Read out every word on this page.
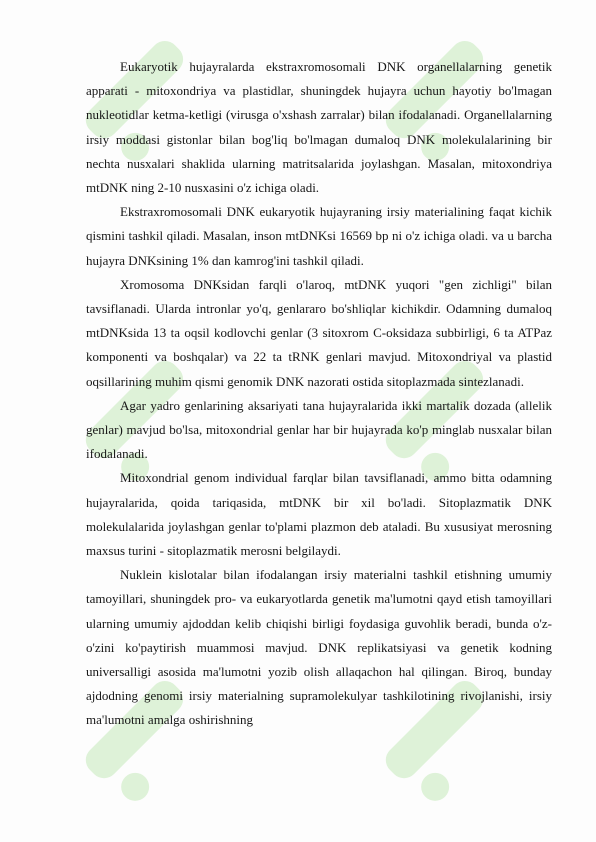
Eukaryotik hujayralarda ekstraxromosomali DNK organellalarning genetik apparati - mitoxondriya va plastidlar, shuningdek hujayra uchun hayotiy bo'lmagan nukleotidlar ketma-ketligi (virusga o'xshash zarralar) bilan ifodalanadi. Organellalarning irsiy moddasi gistonlar bilan bog'liq bo'lmagan dumaloq DNK molekulalarining bir nechta nusxalari shaklida ularning matritsalarida joylashgan. Masalan, mitoxondriya mtDNK ning 2-10 nusxasini o'z ichiga oladi.

Ekstraxromosomali DNK eukaryotik hujayraning irsiy materialining faqat kichik qismini tashkil qiladi. Masalan, inson mtDNKsi 16569 bp ni o'z ichiga oladi. va u barcha hujayra DNKsining 1% dan kamrog'ini tashkil qiladi.

Xromosoma DNKsidan farqli o'laroq, mtDNK yuqori "gen zichligi" bilan tavsiflanadi. Ularda intronlar yo'q, genlararo bo'shliqlar kichikdir. Odamning dumaloq mtDNKsida 13 ta oqsil kodlovchi genlar (3 sitoxrom C-oksidaza subbirligi, 6 ta ATPaz komponenti va boshqalar) va 22 ta tRNK genlari mavjud. Mitoxondriyal va plastid oqsillarining muhim qismi genomik DNK nazorati ostida sitoplazmada sintezlanadi.

Agar yadro genlarining aksariyati tana hujayralarida ikki martalik dozada (allelik genlar) mavjud bo'lsa, mitoxondrial genlar har bir hujayrada ko'p minglab nusxalar bilan ifodalanadi.

Mitoxondrial genom individual farqlar bilan tavsiflanadi, ammo bitta odamning hujayralarida, qoida tariqasida, mtDNK bir xil bo'ladi. Sitoplazmatik DNK molekulalarida joylashgan genlar to'plami plazmon deb ataladi. Bu xususiyat merosning maxsus turini - sitoplazmatik merosni belgilaydi.

Nuklein kislotalar bilan ifodalangan irsiy materialni tashkil etishning umumiy tamoyillari, shuningdek pro- va eukaryotlarda genetik ma'lumotni qayd etish tamoyillari ularning umumiy ajdoddan kelib chiqishi birligi foydasiga guvohlik beradi, bunda o'z-o'zini ko'paytirish muammosi mavjud. DNK replikatsiyasi va genetik kodning universalligi asosida ma'lumotni yozib olish allaqachon hal qilingan. Biroq, bunday ajdodning genomi irsiy materialning supramolekulyar tashkilotining rivojlanishi, irsiy ma'lumotni amalga oshirishning
